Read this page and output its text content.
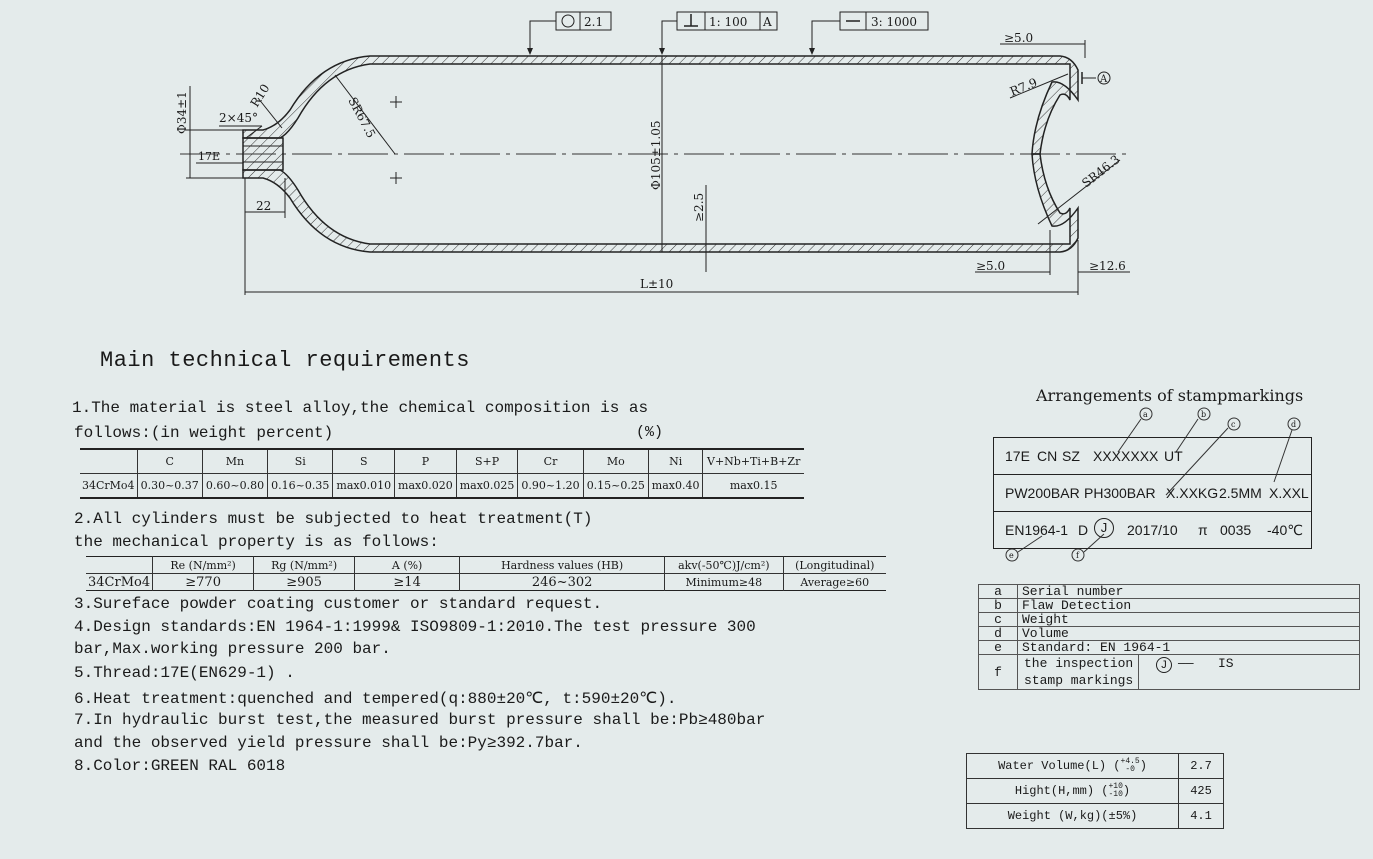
2.1	1: 100 A	3: 1000
≥5.0
R7.9	A
Φ34±1	2×45°
R10	SR67.5
17E
22
Φ105±1.05
≥2.5
SR46.3
≥5.0	≥12.6
L±10
Main technical requirements
1.The material is steel alloy,the chemical composition is as
follows:(in weight percent)	(%)
	C	Mn	Si	S	P	S+P	Cr	Mo	Ni	V+Nb+Ti+B+Zr
34CrMo4	0.30~0.37	0.60~0.80	0.16~0.35	max0.010	max0.020	max0.025	0.90~1.20	0.15~0.25	max0.40	max0.15
2.All cylinders must be subjected to heat treatment(T)
the mechanical property is as follows:
	Re (N/mm²)	Rg (N/mm²)	A (%)	Hardness values (HB)	akv(-50℃)J/cm²)	(Longitudinal)
34CrMo4	≥770	≥905	≥14	246~302	Minimum≥48	Average≥60
3.Sureface powder coating customer or standard request.
4.Design standards:EN 1964-1:1999& ISO9809-1:2010.The test pressure 300
bar,Max.working pressure 200 bar.
5.Thread:17E(EN629-1) .
6.Heat treatment:quenched and tempered(q:880±20℃, t:590±20℃).
7.In hydraulic burst test,the measured burst pressure shall be:Pb≥480bar
and the observed yield pressure shall be:Py≥392.7bar.
8.Color:GREEN RAL 6018
Arrangements of stampmarkings
a	b
c	d
e	f
17E CN SZ XXXXXXX UT
PW200BAR PH300BAR X.XXKG 2.5MM X.XXL
EN1964-1 D J	2017/10 π 0035 -40℃
a	Serial number
b	Flaw Detection
c	Weight
d	Volume
e	Standard: EN 1964-1
f	the inspection
stamp markings
J —— IS
Water Volume(L) (+4.5
-0 )	2.7
Hight(H,mm) (+10
-10)	425
Weight (W,kg)(±5%)	4.1
